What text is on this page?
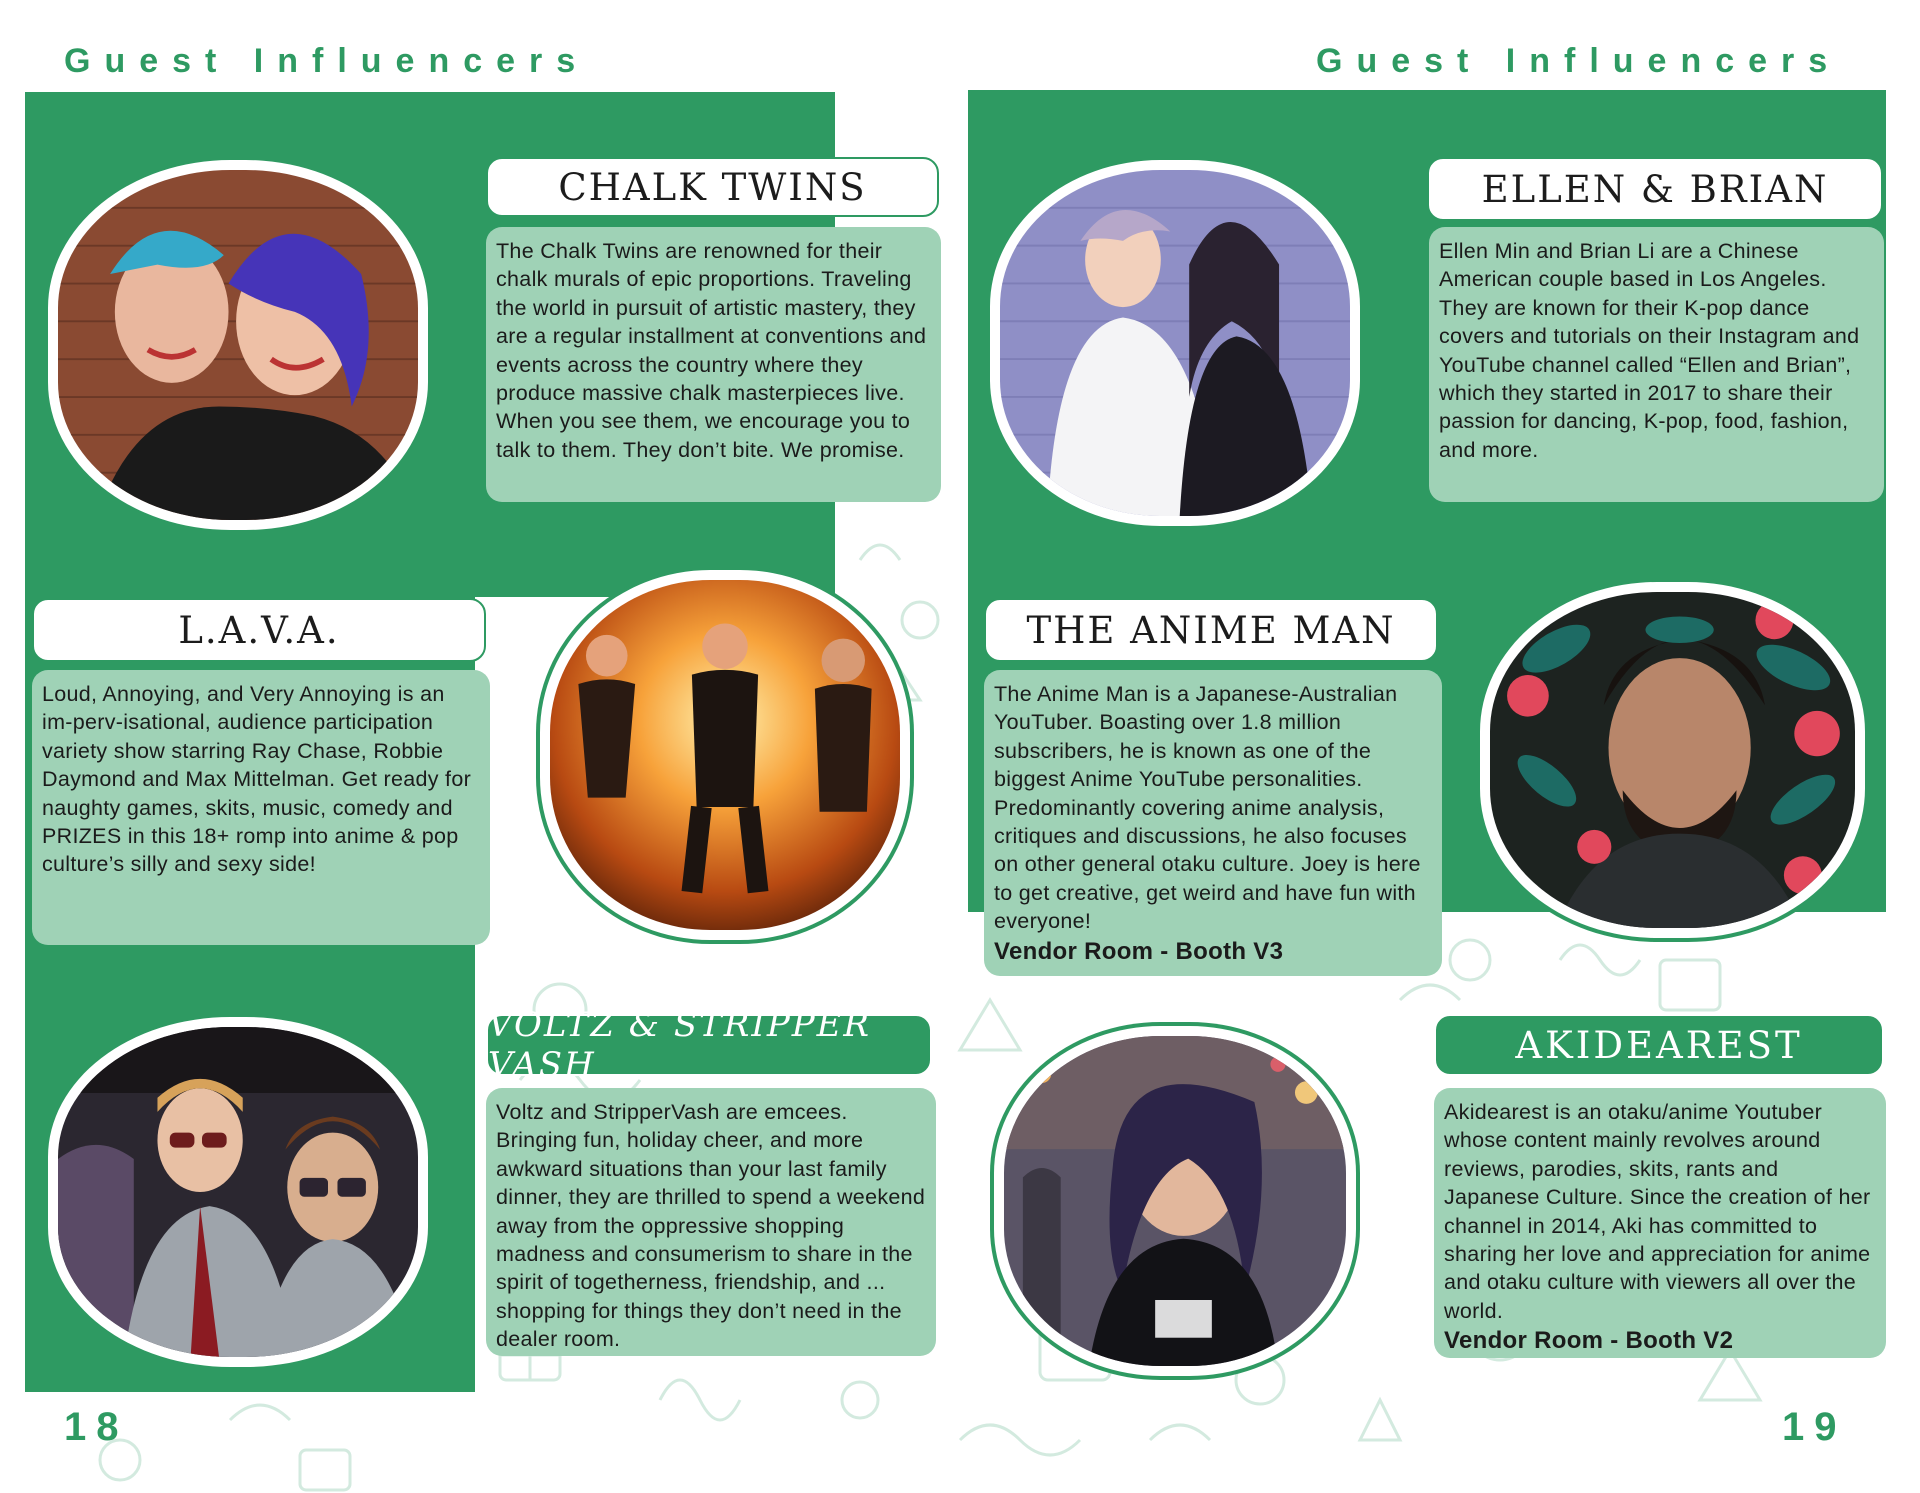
Guest Influencers	Guest Influencers
CHALK TWINS
The Chalk Twins are renowned for their chalk murals of epic proportions. Traveling the world in pursuit of artistic mastery, they are a regular installment at conventions and events across the country where they produce massive chalk masterpieces live. When you see them, we encourage you to talk to them. They don’t bite. We promise.
L.A.V.A.
Loud, Annoying, and Very Annoying is an im-perv-isational, audience participation variety show starring Ray Chase, Robbie Daymond and Max Mittelman. Get ready for naughty games, skits, music, comedy and PRIZES in this 18+ romp into anime & pop culture’s silly and sexy side!
VOLTZ & STRIPPER VASH
Voltz and StripperVash are emcees. Bringing fun, holiday cheer, and more awkward situations than your last family dinner, they are thrilled to spend a weekend away from the oppressive shopping madness and consumerism to share in the spirit of togetherness, friendship, and ... shopping for things they don’t need in the dealer room.
18
ELLEN & BRIAN
Ellen Min and Brian Li are a Chinese American couple based in Los Angeles. They are known for their K-pop dance covers and tutorials on their Instagram and YouTube channel called “Ellen and Brian”, which they started in 2017 to share their passion for dancing, K-pop, food, fashion, and more.
THE ANIME MAN
The Anime Man is a Japanese-Australian YouTuber. Boasting over 1.8 million subscribers, he is known as one of the biggest Anime YouTube personalities. Predominantly covering anime analysis, critiques and discussions, he also focuses on other general otaku culture. Joey is here to get creative, get weird and have fun with everyone!
Vendor Room - Booth V3
AKIDEAREST
Akidearest is an otaku/anime Youtuber whose content mainly revolves around reviews, parodies, skits, rants and Japanese Culture. Since the creation of her channel in 2014, Aki has committed to sharing her love and appreciation for anime and otaku culture with viewers all over the world.
Vendor Room - Booth V2
19
